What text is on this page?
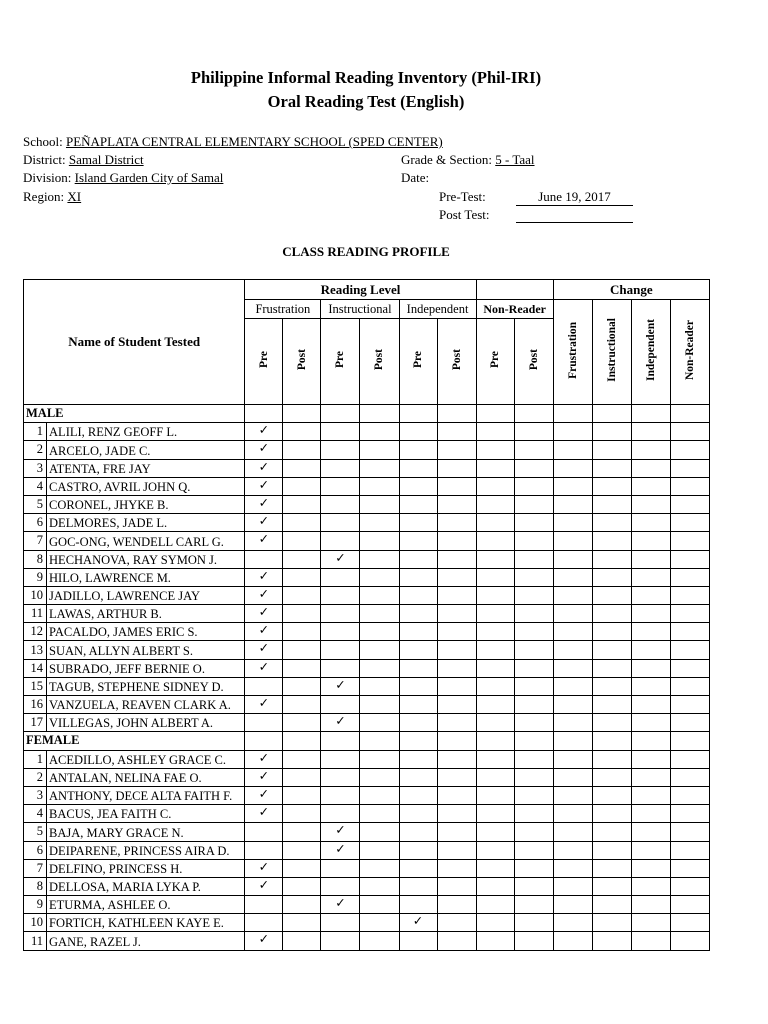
Philippine Informal Reading Inventory (Phil-IRI)
Oral Reading Test (English)
School: PEÑAPLATA CENTRAL ELEMENTARY SCHOOL (SPED CENTER)
District: Samal District
Division: Island Garden City of Samal
Region: XI
Grade & Section: 5 - Taal
Date:
Pre-Test:	June 19, 2017
Post Test:
CLASS READING PROFILE
Name of Student Tested		Reading Level								Change			
		Frustration		Instructional		Independent		Non-Reader		Frustration	Instructional	Independent	Non-Reader
		Pre	Post	Pre	Post	Pre	Post	Pre	Post				
MALE													
1	ALILI, RENZ GEOFF L.	✓											
2	ARCELO, JADE C.	✓											
3	ATENTA, FRE JAY	✓											
4	CASTRO, AVRIL JOHN Q.	✓											
5	CORONEL, JHYKE B.	✓											
6	DELMORES, JADE L.	✓											
7	GOC-ONG, WENDELL CARL G.	✓											
8	HECHANOVA, RAY SYMON J.			✓									
9	HILO, LAWRENCE M.	✓											
10	JADILLO, LAWRENCE JAY	✓											
11	LAWAS, ARTHUR B.	✓											
12	PACALDO, JAMES ERIC S.	✓											
13	SUAN, ALLYN ALBERT S.	✓											
14	SUBRADO, JEFF BERNIE O.	✓											
15	TAGUB, STEPHENE SIDNEY D.			✓									
16	VANZUELA, REAVEN CLARK A.	✓											
17	VILLEGAS, JOHN ALBERT A.			✓									
FEMALE													
1	ACEDILLO, ASHLEY GRACE C.	✓											
2	ANTALAN, NELINA FAE O.	✓											
3	ANTHONY, DECE ALTA FAITH F.	✓											
4	BACUS, JEA FAITH C.	✓											
5	BAJA, MARY GRACE N.			✓									
6	DEIPARENE, PRINCESS AIRA D.			✓									
7	DELFINO, PRINCESS H.	✓											
8	DELLOSA, MARIA LYKA P.	✓											
9	ETURMA, ASHLEE O.			✓									
10	FORTICH, KATHLEEN KAYE E.					✓							
11	GANE, RAZEL J.	✓											
